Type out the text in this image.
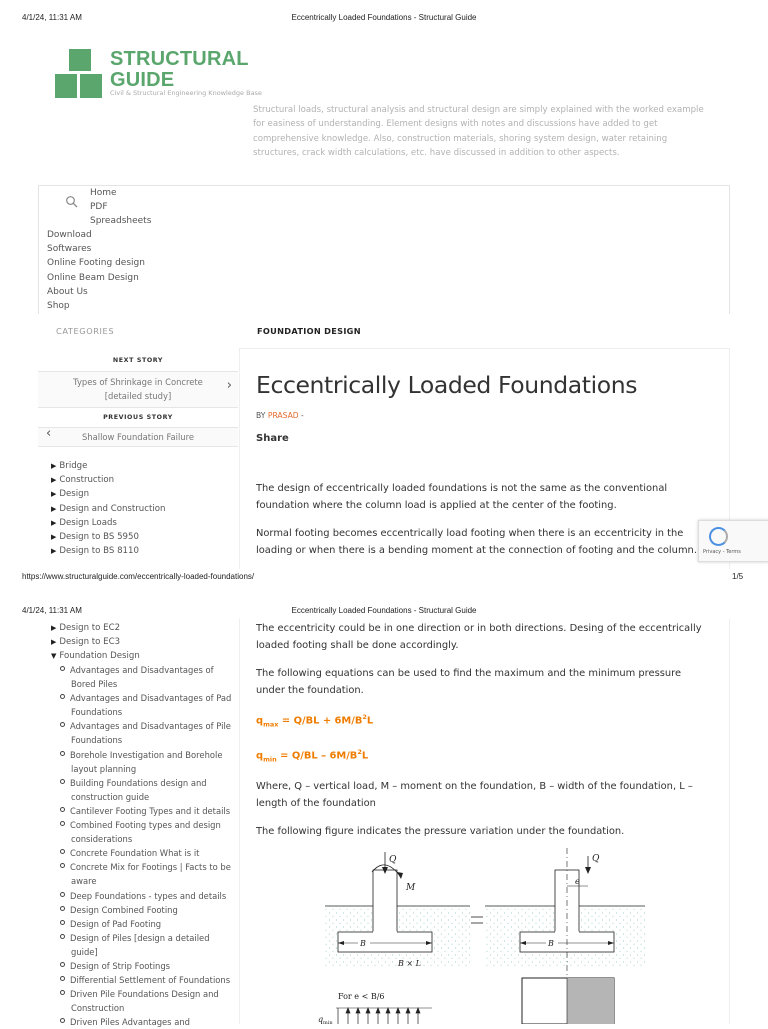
4/1/24, 11:31 AM	Eccentrically Loaded Foundations - Structural Guide
STRUCTURAL
GUIDE
Civil & Structural Engineering Knowledge Base
Structural loads, structural analysis and structural design are simply explained with the worked example for easiness of understanding. Element designs with notes and discussions have added to get comprehensive knowledge. Also, construction materials, shoring system design, water retaining structures, crack width calculations, etc. have discussed in addition to other aspects.
Home
PDF
Spreadsheets
Download
Softwares
Online Footing design
Online Beam Design
About Us
Shop
CATEGORIES
NEXT STORY
Types of Shrinkage in Concrete [detailed study]
›
PREVIOUS STORY
‹	Shallow Foundation Failure
▶ Bridge
▶ Construction
▶ Design
▶ Design and Construction
▶ Design Loads
▶ Design to BS 5950
▶ Design to BS 8110
FOUNDATION DESIGN
Eccentrically Loaded Foundations
BY PRASAD -
Share
The design of eccentrically loaded foundations is not the same as the conventional foundation where the column load is applied at the center of the footing.
Normal footing becomes eccentrically load footing when there is an eccentricity in the loading or when there is a bending moment at the connection of footing and the column.	Privacy - Terms
https://www.structuralguide.com/eccentrically-loaded-foundations/	1/5
4/1/24, 11:31 AM	Eccentrically Loaded Foundations - Structural Guide
▶ Design to EC2
▶ Design to EC3
▼ Foundation Design
Advantages and Disadvantages of Bored Piles
Advantages and Disadvantages of Pad Foundations
Advantages and Disadvantages of Pile Foundations
Borehole Investigation and Borehole layout planning
Building Foundations design and construction guide
Cantilever Footing Types and it details
Combined Footing types and design considerations
Concrete Foundation What is it
Concrete Mix for Footings | Facts to be aware
Deep Foundations - types and details
Design Combined Footing
Design of Pad Footing
Design of Piles [design a detailed guide]
Design of Strip Footings
Differential Settlement of Foundations
Driven Pile Foundations Design and Construction
Driven Piles Advantages and
The eccentricity could be in one direction or in both directions. Desing of the eccentrically loaded footing shall be done accordingly.
The following equations can be used to find the maximum and the minimum pressure under the foundation.
$q_{max} = Q/BL + 6M/B^2L$
$q_{min} = Q/BL - 6M/B^2L$
Where, Q – vertical load, M – moment on the foundation, B – width of the foundation, L – length of the foundation
The following figure indicates the pressure variation under the foundation.
Q
M
B
B × L
Q
e
B
For e < B/6
q min
